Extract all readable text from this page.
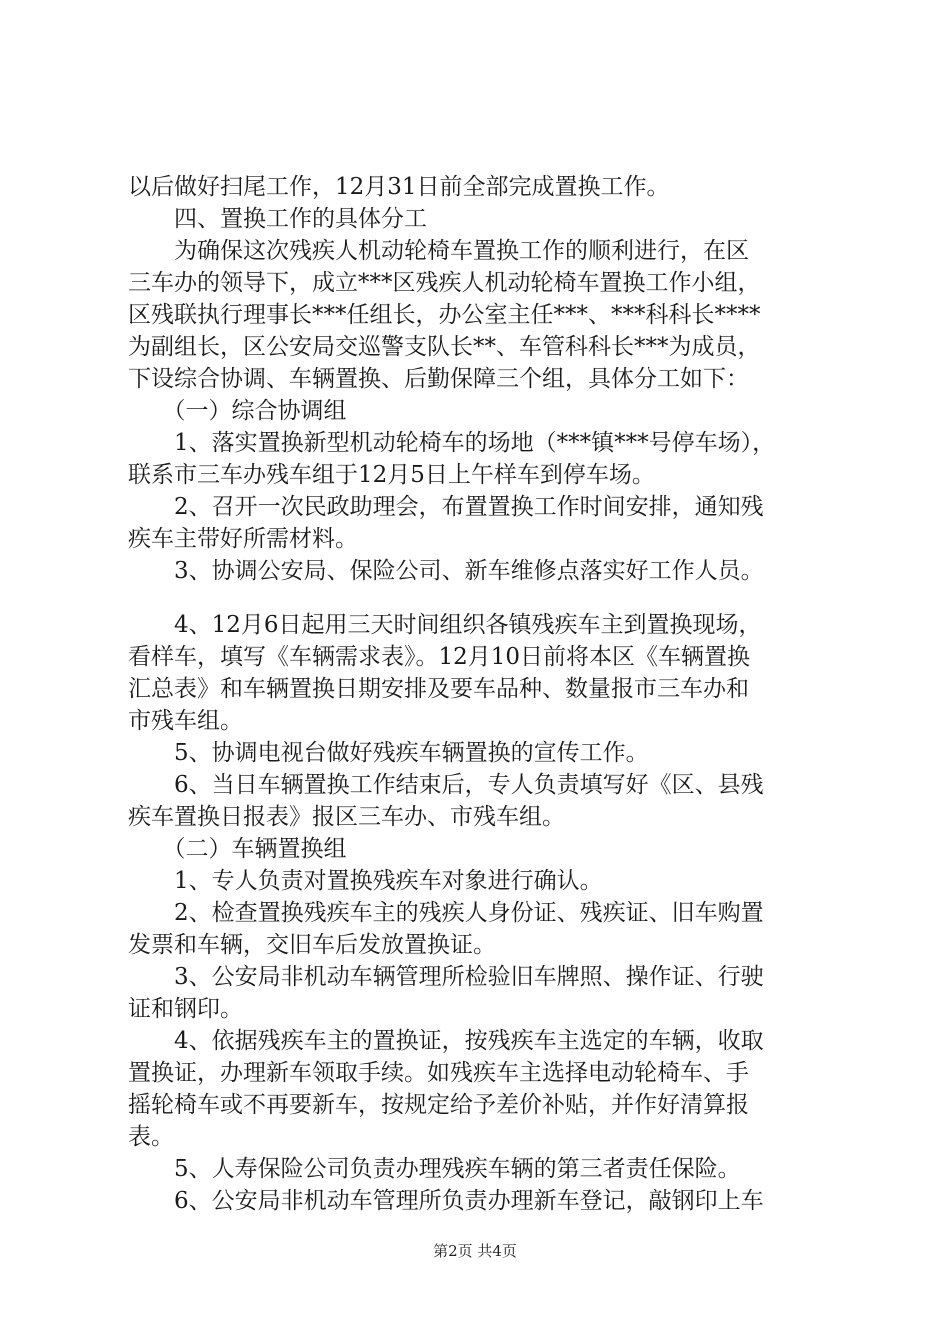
以后做好扫尾工作，12月31日前全部完成置换工作。
　　四、置换工作的具体分工
　　为确保这次残疾人机动轮椅车置换工作的顺利进行，在区
三车办的领导下，成立***区残疾人机动轮椅车置换工作小组，
区残联执行理事长***任组长，办公室主任***、***科科长****
为副组长，区公安局交巡警支队长**、车管科科长***为成员，
下设综合协调、车辆置换、后勤保障三个组，具体分工如下：
　　（一）综合协调组
　　1、落实置换新型机动轮椅车的场地（***镇***号停车场），
联系市三车办残车组于12月5日上午样车到停车场。
　　2、召开一次民政助理会，布置置换工作时间安排，通知残
疾车主带好所需材料。
　　3、协调公安局、保险公司、新车维修点落实好工作人员。
　　4、12月6日起用三天时间组织各镇残疾车主到置换现场，
看样车，填写《车辆需求表》。12月10日前将本区《车辆置换
汇总表》和车辆置换日期安排及要车品种、数量报市三车办和
市残车组。
　　5、协调电视台做好残疾车辆置换的宣传工作。
　　6、当日车辆置换工作结束后，专人负责填写好《区、县残
疾车置换日报表》报区三车办、市残车组。
　　（二）车辆置换组
　　1、专人负责对置换残疾车对象进行确认。
　　2、检查置换残疾车主的残疾人身份证、残疾证、旧车购置
发票和车辆，交旧车后发放置换证。
　　3、公安局非机动车辆管理所检验旧车牌照、操作证、行驶
证和钢印。
　　4、依据残疾车主的置换证，按残疾车主选定的车辆，收取
置换证，办理新车领取手续。如残疾车主选择电动轮椅车、手
摇轮椅车或不再要新车，按规定给予差价补贴，并作好清算报
表。
　　5、人寿保险公司负责办理残疾车辆的第三者责任保险。
　　6、公安局非机动车管理所负责办理新车登记，敲钢印上车
第2页 共4页
